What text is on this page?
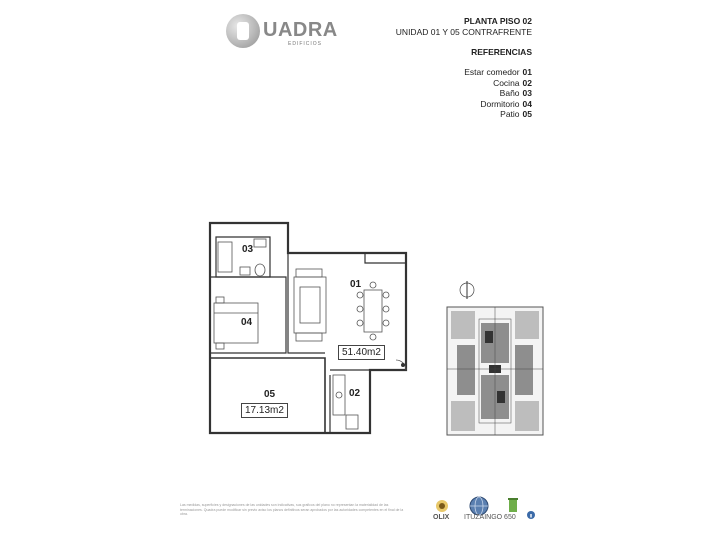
UADRA
EDIFICIOS
PLANTA PISO 02
UNIDAD 01 Y 05 CONTRAFRENTE
REFERENCIAS
Estar comedor 01
Cocina 02
Baño 03
Dormitorio 04
Patio 05
03
01
04
02
05
51.40m2
17.13m2
Las medidas, superficies y designaciones de las unidades son indicativas, sus graficos del plano no representan la materialidad de las terminaciones. Quadra puede modificar sin previo aviso los planos definitivos seran aprobados por las autoridades competentes en el final de la obra.	OLIX ITUZAINGO 650
